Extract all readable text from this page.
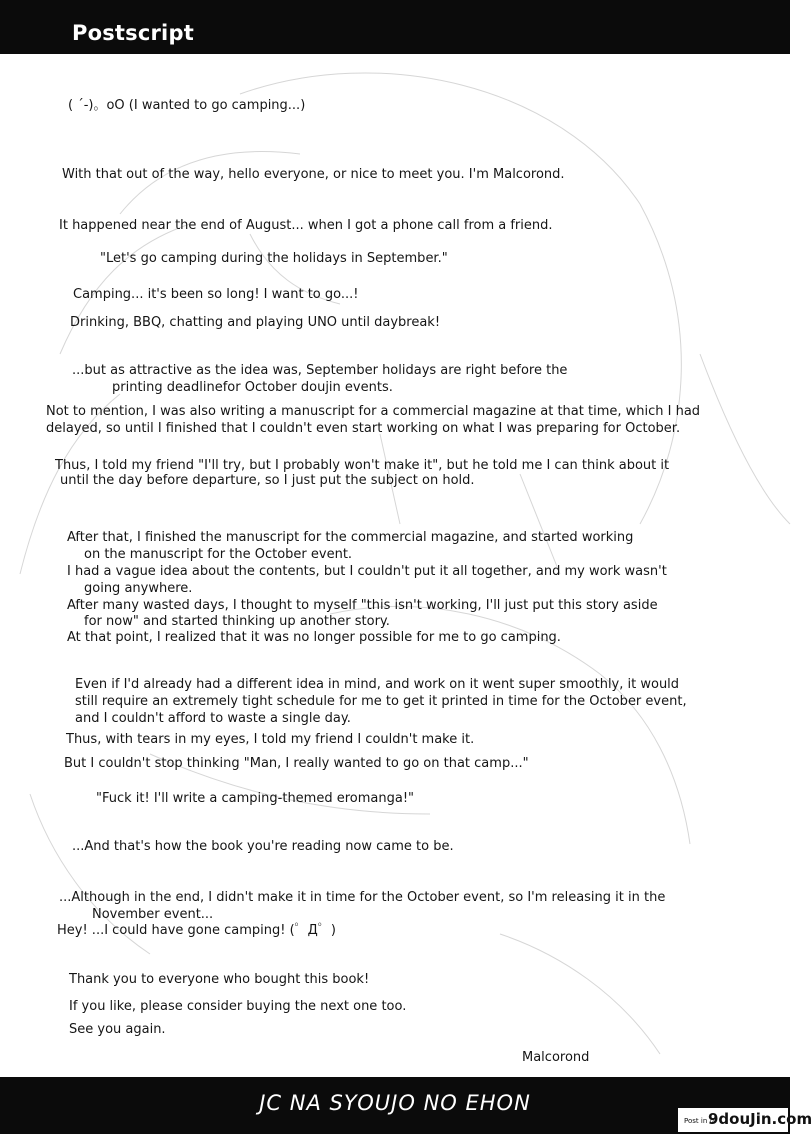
Postscript
( ´-)。oO (I wanted to go camping...)
With that out of the way, hello everyone, or nice to meet you. I'm Malcorond.
It happened near the end of August... when I got a phone call from a friend.
"Let's go camping during the holidays in September."
Camping... it's been so long! I want to go...!
Drinking, BBQ, chatting and playing UNO until daybreak!
...but as attractive as the idea was, September holidays are right before the
printing deadlinefor October doujin events.
Not to mention, I was also writing a manuscript for a commercial magazine at that time, which I had
delayed, so until I finished that I couldn't even start working on what I was preparing for October.
Thus, I told my friend "I'll try, but I probably won't make it", but he told me I can think about it
until the day before departure, so I just put the subject on hold.
After that, I finished the manuscript for the commercial magazine, and started working
on the manuscript for the October event.
I had a vague idea about the contents, but I couldn't put it all together, and my work wasn't
going anywhere.
After many wasted days, I thought to myself "this isn't working, I'll just put this story aside
for now" and started thinking up another story.
At that point, I realized that it was no longer possible for me to go camping.
Even if I'd already had a different idea in mind, and work on it went super smoothly, it would
still require an extremely tight schedule for me to get it printed in time for the October event,
and I couldn't afford to waste a single day.
Thus, with tears in my eyes, I told my friend I couldn't make it.
But I couldn't stop thinking "Man, I really wanted to go on that camp..."
"Fuck it! I'll write a camping-themed eromanga!"
...And that's how the book you're reading now came to be.
...Although in the end, I didn't make it in time for the October event, so I'm releasing it in the
November event...
Hey! ...I could have gone camping! (゜Д゜)
Thank you to everyone who bought this book!
If you like, please consider buying the next one too.
See you again.
Malcorond
JC NA SYOUJO NO EHON
Post in //
9douJin.com
